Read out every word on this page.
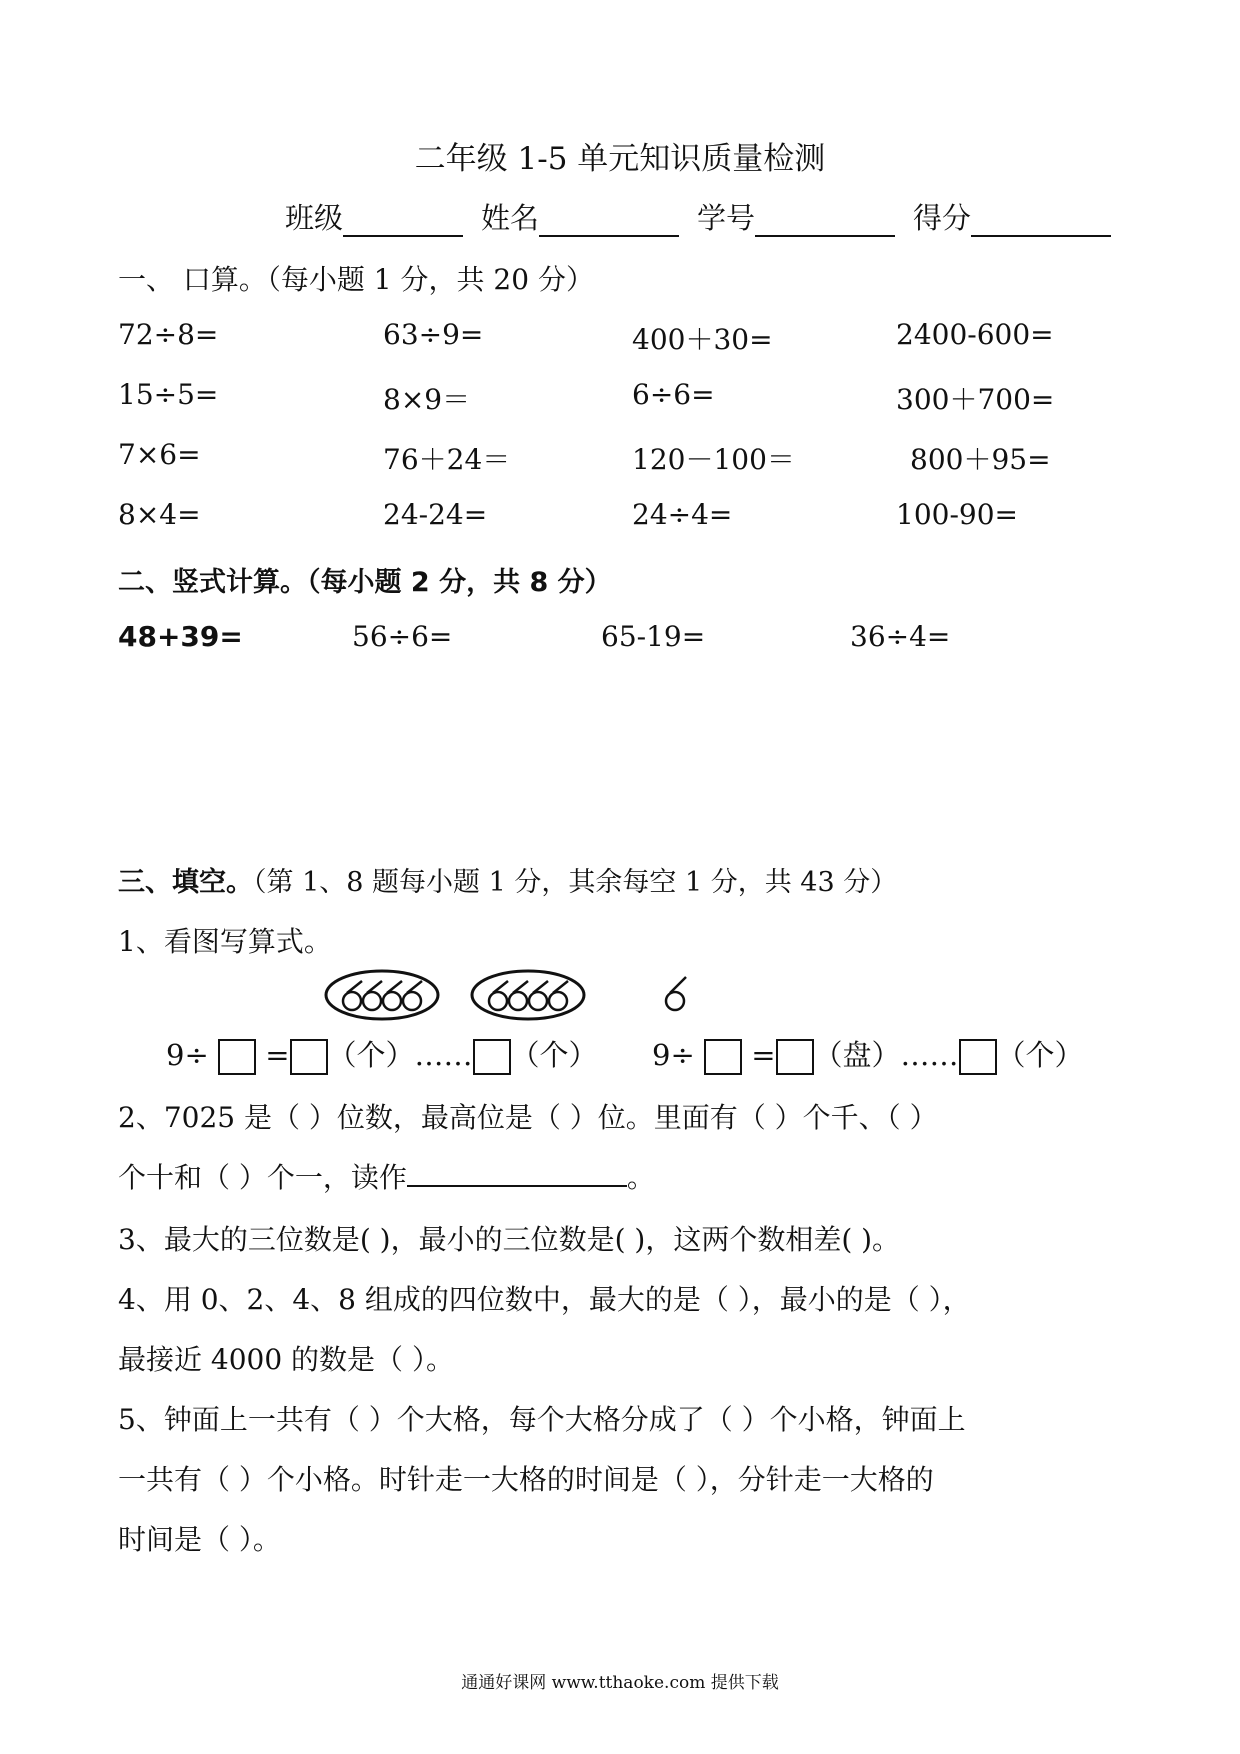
二年级 1-5 单元知识质量检测
班级	姓名	学号	得分
一、 口算。（每小题 1 分，共 20 分）
72÷8=	63÷9=	400＋30=	2400-600=
15÷5=	8×9＝	6÷6=	300＋700=
7×6=	76＋24＝	120－100＝	800＋95=
8×4=	24-24=	24÷4=	100-90=
二、竖式计算。（每小题 2 分，共 8 分）
48+39=	56÷6=	65-19=	36÷4=
三、填空。（第 1、8 题每小题 1 分，其余每空 1 分，共 43 分）
1、看图写算式。
9÷ = （个）…… （个） 9÷ = （盘）…… （个）
2、7025 是（ ）位数，最高位是（ ）位。里面有（ ）个千、（ ）
个十和（ ）个一，读作	。
3、最大的三位数是( )，最小的三位数是( )，这两个数相差( )。
4、用 0、2、4、8 组成的四位数中，最大的是（ ），最小的是（ ），
最接近 4000 的数是（ ）。
5、钟面上一共有（ ）个大格，每个大格分成了（ ）个小格，钟面上
一共有（ ）个小格。时针走一大格的时间是（ ），分针走一大格的
时间是（ ）。
通通好课网 www.tthaoke.com 提供下载
